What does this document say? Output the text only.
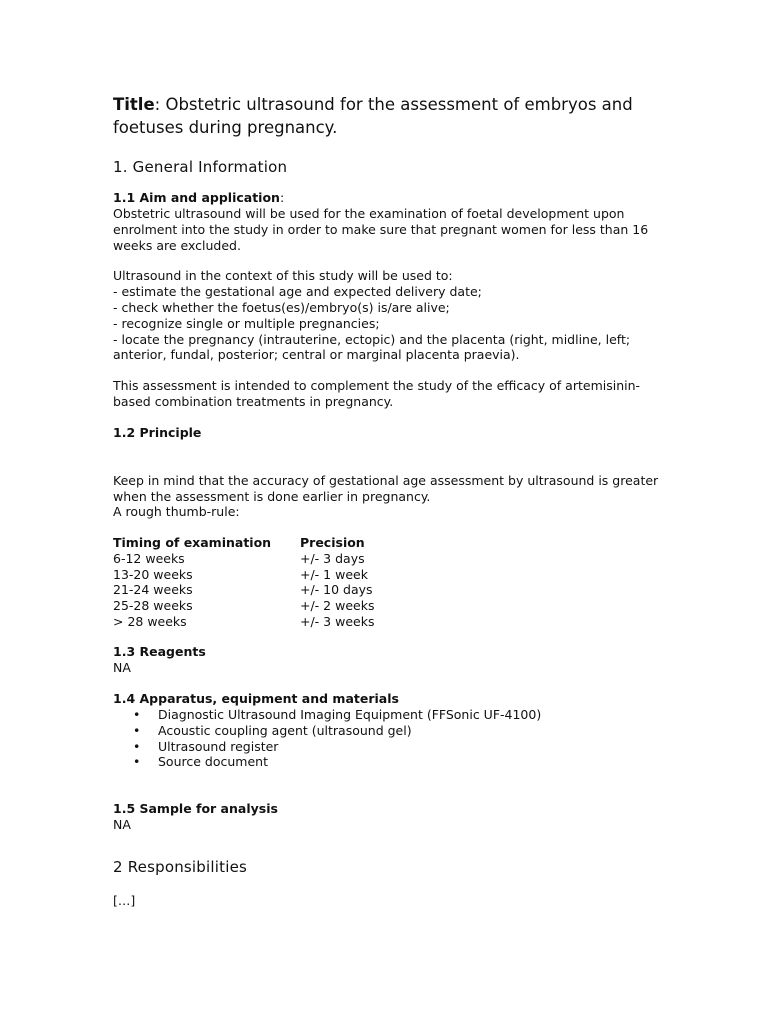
Title: Obstetric ultrasound for the assessment of embryos and foetuses during pregnancy.

1. General Information

1.1 Aim and application:

Obstetric ultrasound will be used for the examination of foetal development upon enrolment into the study in order to make sure that pregnant women for less than 16 weeks are excluded.

Ultrasound in the context of this study will be used to:

- estimate the gestational age and expected delivery date;

- check whether the foetus(es)/embryo(s) is/are alive;

- recognize single or multiple pregnancies;

- locate the pregnancy (intrauterine, ectopic) and the placenta (right, midline, left; anterior, fundal, posterior; central or marginal placenta praevia).

This assessment is intended to complement the study of the efficacy of artemisinin-based combination treatments in pregnancy.

1.2 Principle

Keep in mind that the accuracy of gestational age assessment by ultrasound is greater when the assessment is done earlier in pregnancy.

A rough thumb-rule:

Timing of examination	Precision
6-12 weeks	+/- 3 days
13-20 weeks	+/- 1 week
21-24 weeks	+/- 10 days
25-28 weeks	+/- 2 weeks
> 28 weeks	+/- 3 weeks

1.3 Reagents

NA

1.4 Apparatus, equipment and materials

• Diagnostic Ultrasound Imaging Equipment (FFSonic UF-4100)
• Acoustic coupling agent (ultrasound gel)
• Ultrasound register
• Source document

1.5 Sample for analysis

NA

2 Responsibilities

[…]
